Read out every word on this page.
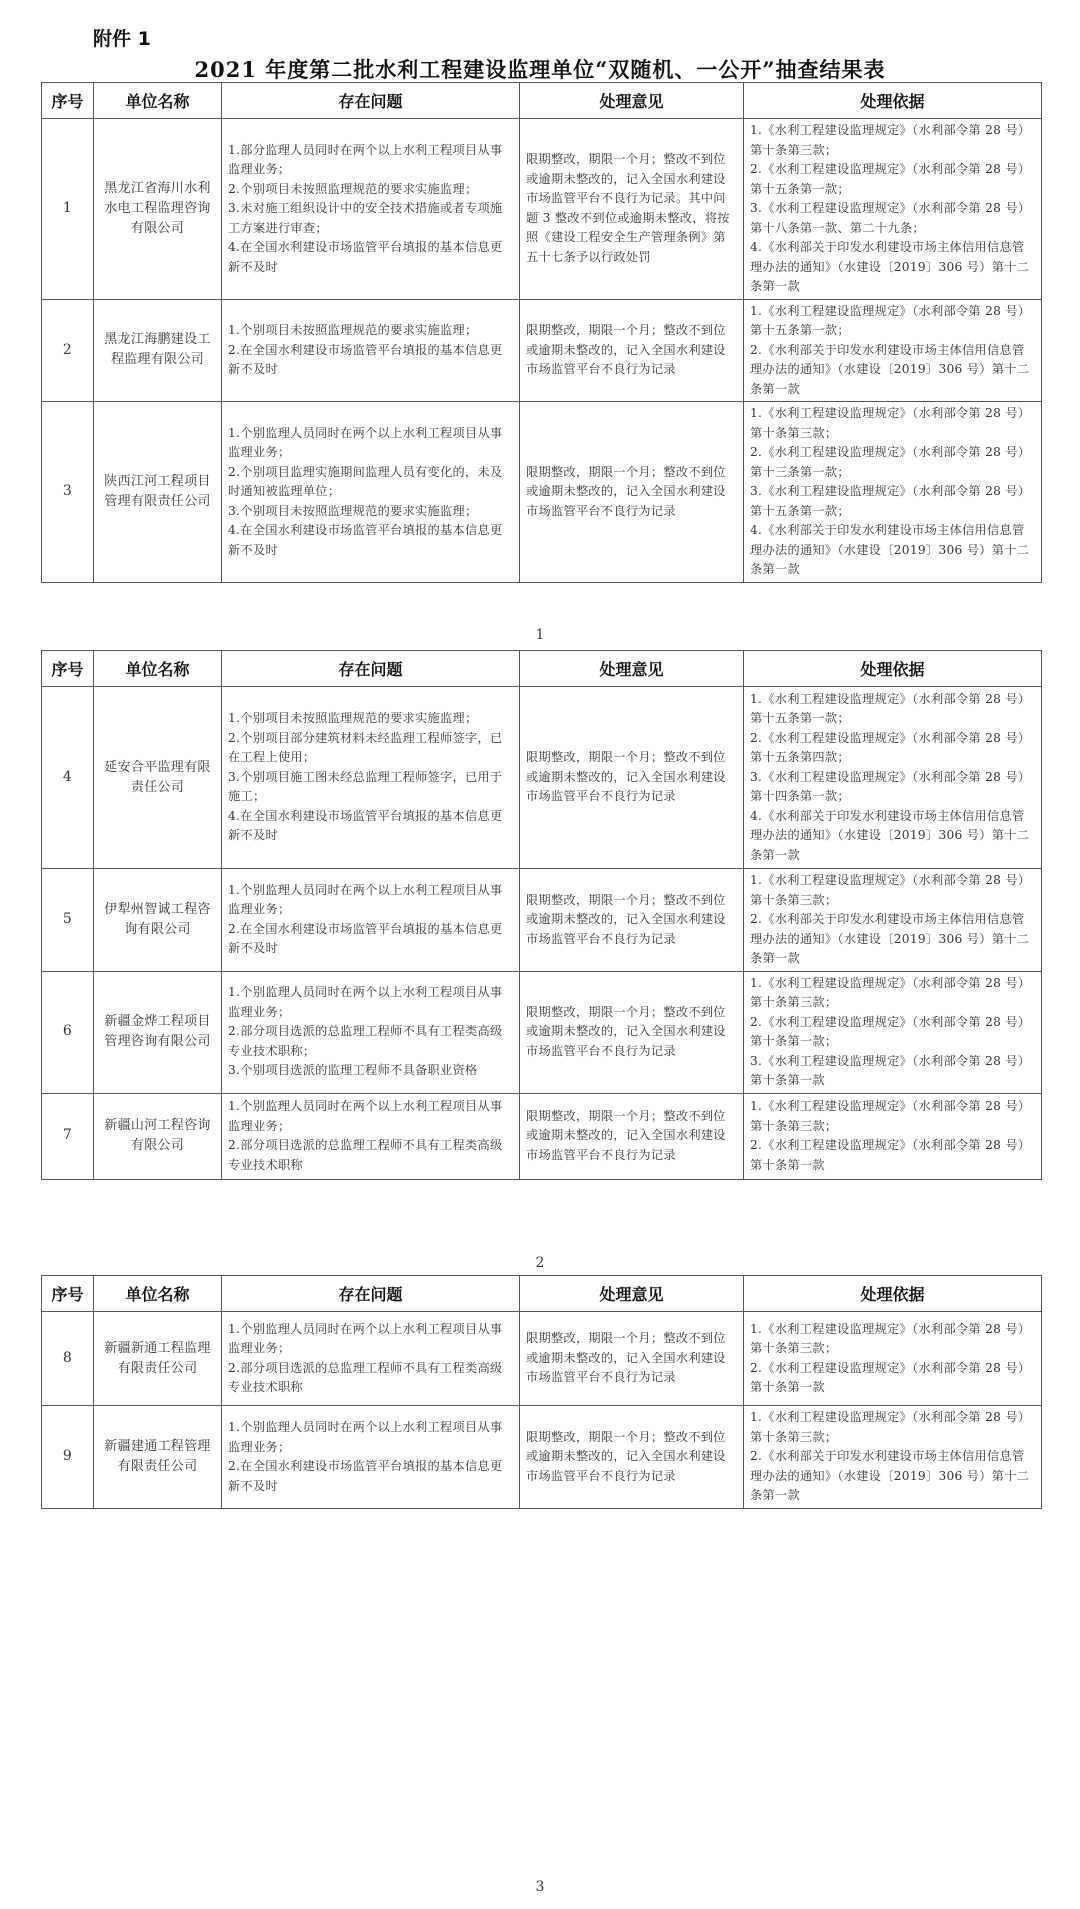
附件 1
2021 年度第二批水利工程建设监理单位“双随机、一公开”抽查结果表
序号	单位名称	存在问题	处理意见	处理依据
1	黑龙江省海川水利水电工程监理咨询有限公司	1.部分监理人员同时在两个以上水利工程项目从事监理业务；
2.个别项目未按照监理规范的要求实施监理；
3.未对施工组织设计中的安全技术措施或者专项施工方案进行审查；
4.在全国水利建设市场监管平台填报的基本信息更新不及时	限期整改，期限一个月；整改不到位或逾期未整改的，记入全国水利建设市场监管平台不良行为记录。其中问题 3 整改不到位或逾期未整改，将按照《建设工程安全生产管理条例》第五十七条予以行政处罚	1.《水利工程建设监理规定》（水利部令第 28 号）第十条第三款；
2.《水利工程建设监理规定》（水利部令第 28 号）第十五条第一款；
3.《水利工程建设监理规定》（水利部令第 28 号）第十八条第一款、第二十九条；
4.《水利部关于印发水利建设市场主体信用信息管理办法的通知》（水建设〔2019〕306 号）第十二条第一款

2	黑龙江海鹏建设工程监理有限公司	1.个别项目未按照监理规范的要求实施监理；
2.在全国水利建设市场监管平台填报的基本信息更新不及时	限期整改，期限一个月；整改不到位或逾期未整改的，记入全国水利建设市场监管平台不良行为记录	1.《水利工程建设监理规定》（水利部令第 28 号）第十五条第一款；
2.《水利部关于印发水利建设市场主体信用信息管理办法的通知》（水建设〔2019〕306 号）第十二条第一款

3	陕西江河工程项目管理有限责任公司	1.个别监理人员同时在两个以上水利工程项目从事监理业务；
2.个别项目监理实施期间监理人员有变化的，未及时通知被监理单位；
3.个别项目未按照监理规范的要求实施监理；
4.在全国水利建设市场监管平台填报的基本信息更新不及时	限期整改，期限一个月；整改不到位或逾期未整改的，记入全国水利建设市场监管平台不良行为记录	1.《水利工程建设监理规定》（水利部令第 28 号）第十条第三款；
2.《水利工程建设监理规定》（水利部令第 28 号）第十三条第一款；
3.《水利工程建设监理规定》（水利部令第 28 号）第十五条第一款；
4.《水利部关于印发水利建设市场主体信用信息管理办法的通知》（水建设〔2019〕306 号）第十二条第一款
1
序号	单位名称	存在问题	处理意见	处理依据
4	延安合平监理有限责任公司	1.个别项目未按照监理规范的要求实施监理；
2.个别项目部分建筑材料未经监理工程师签字，已在工程上使用；
3.个别项目施工图未经总监理工程师签字，已用于施工；
4.在全国水利建设市场监管平台填报的基本信息更新不及时	限期整改，期限一个月；整改不到位或逾期未整改的，记入全国水利建设市场监管平台不良行为记录	1.《水利工程建设监理规定》（水利部令第 28 号）第十五条第一款；
2.《水利工程建设监理规定》（水利部令第 28 号）第十五条第四款；
3.《水利工程建设监理规定》（水利部令第 28 号）第十四条第一款；
4.《水利部关于印发水利建设市场主体信用信息管理办法的通知》（水建设〔2019〕306 号）第十二条第一款

5	伊犁州智诚工程咨询有限公司	1.个别监理人员同时在两个以上水利工程项目从事监理业务；
2.在全国水利建设市场监管平台填报的基本信息更新不及时	限期整改，期限一个月；整改不到位或逾期未整改的，记入全国水利建设市场监管平台不良行为记录	1.《水利工程建设监理规定》（水利部令第 28 号）第十条第三款；
2.《水利部关于印发水利建设市场主体信用信息管理办法的通知》（水建设〔2019〕306 号）第十二条第一款

6	新疆金烨工程项目管理咨询有限公司	1.个别监理人员同时在两个以上水利工程项目从事监理业务；
2.部分项目选派的总监理工程师不具有工程类高级专业技术职称；
3.个别项目选派的监理工程师不具备职业资格	限期整改，期限一个月；整改不到位或逾期未整改的，记入全国水利建设市场监管平台不良行为记录	1.《水利工程建设监理规定》（水利部令第 28 号）第十条第三款；
2.《水利工程建设监理规定》（水利部令第 28 号）第十条第一款；
3.《水利工程建设监理规定》（水利部令第 28 号）第十条第一款

7	新疆山河工程咨询有限公司	1.个别监理人员同时在两个以上水利工程项目从事监理业务；
2.部分项目选派的总监理工程师不具有工程类高级专业技术职称	限期整改，期限一个月；整改不到位或逾期未整改的，记入全国水利建设市场监管平台不良行为记录	1.《水利工程建设监理规定》（水利部令第 28 号）第十条第三款；
2.《水利工程建设监理规定》（水利部令第 28 号）第十条第一款
2
序号	单位名称	存在问题	处理意见	处理依据
8	新疆新通工程监理有限责任公司	1.个别监理人员同时在两个以上水利工程项目从事监理业务；
2.部分项目选派的总监理工程师不具有工程类高级专业技术职称	限期整改，期限一个月；整改不到位或逾期未整改的，记入全国水利建设市场监管平台不良行为记录	1.《水利工程建设监理规定》（水利部令第 28 号）第十条第三款；
2.《水利工程建设监理规定》（水利部令第 28 号）第十条第一款

9	新疆建通工程管理有限责任公司	1.个别监理人员同时在两个以上水利工程项目从事监理业务；
2.在全国水利建设市场监管平台填报的基本信息更新不及时	限期整改，期限一个月；整改不到位或逾期未整改的，记入全国水利建设市场监管平台不良行为记录	1.《水利工程建设监理规定》（水利部令第 28 号）第十条第三款；
2.《水利部关于印发水利建设市场主体信用信息管理办法的通知》（水建设〔2019〕306 号）第十二条第一款
3
